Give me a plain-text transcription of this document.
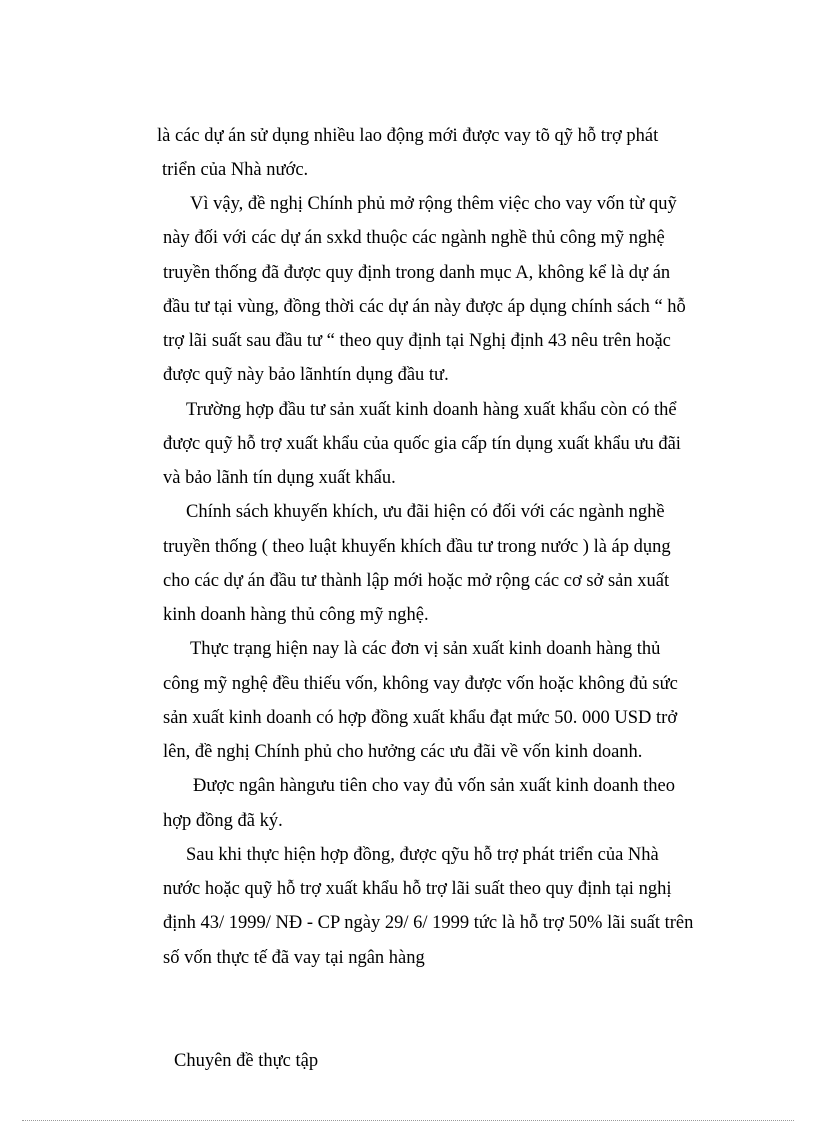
là các dự án sử dụng nhiều lao động mới được vay tõ qỹ hỗ trợ phát
triển của Nhà nước.
Vì vậy, đề nghị Chính phủ mở rộng thêm việc cho vay vốn từ quỹ
này đối với các dự án sxkd thuộc các ngành nghề thủ công mỹ nghệ
truyền thống đã được quy định trong danh mục A, không kể là dự án
đầu tư tại vùng, đồng thời các dự án này được áp dụng chính sách “ hỗ
trợ lãi suất sau đầu tư “ theo quy định tại Nghị định 43 nêu trên hoặc
được quỹ này bảo lãnhtín dụng đầu tư.
Trường hợp đầu tư sản xuất kinh doanh hàng xuất khẩu còn có thể
được quỹ hỗ trợ xuất khẩu của quốc gia cấp tín dụng xuất khẩu ưu đãi
và bảo lãnh tín dụng xuất khẩu.
Chính sách khuyến khích, ưu đãi hiện có đối với các ngành nghề
truyền thống ( theo luật khuyến khích đầu tư trong nước ) là áp dụng
cho các dự án đầu tư thành lập mới hoặc mở rộng các cơ sở sản xuất
kinh doanh hàng thủ công mỹ nghệ.
Thực trạng hiện nay là các đơn vị sản xuất kinh doanh hàng thủ
công mỹ nghệ đều thiếu vốn, không vay được vốn hoặc không đủ sức
sản xuất kinh doanh có hợp đồng xuất khẩu đạt mức 50. 000 USD trở
lên, đề nghị Chính phủ cho hưởng các ưu đãi về vốn kinh doanh.
Được ngân hàngưu tiên cho vay đủ vốn sản xuất kinh doanh theo
hợp đồng đã ký.
Sau khi thực hiện hợp đồng, được qỹu hỗ trợ phát triển của Nhà
nước hoặc quỹ hỗ trợ xuất khẩu hỗ trợ lãi suất theo quy định tại nghị
định 43/ 1999/ NĐ - CP ngày 29/ 6/ 1999 tức là hỗ trợ 50% lãi suất trên
số vốn thực tế đã vay tại ngân hàng
Chuyên đề thực tập
